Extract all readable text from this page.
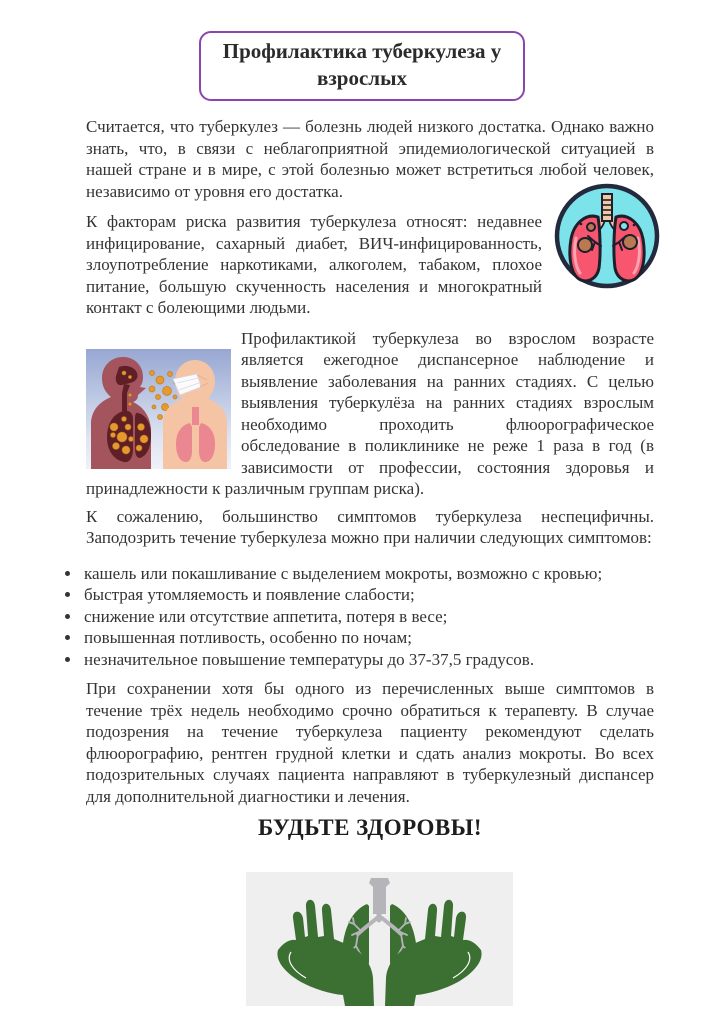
Профилактика туберкулеза у взрослых

Считается, что туберкулез — болезнь людей низкого достатка. Однако важно знать, что, в связи с неблагоприятной эпидемиологической ситуацией в нашей стране и в мире, с этой болезнью может встретиться любой человек, независимо от уровня его достатка.

К факторам риска развития туберкулеза относят: недавнее инфицирование, сахарный диабет, ВИЧ-инфицированность, злоупотребление наркотиками, алкоголем, табаком, плохое питание, большую скученность населения и многократный контакт с болеющими людьми.

Профилактикой туберкулеза во взрослом возрасте является ежегодное диспансерное наблюдение и выявление заболевания на ранних стадиях. С целью выявления туберкулёза на ранних стадиях взрослым необходимо проходить флюорографическое обследование в поликлинике не реже 1 раза в год (в зависимости от профессии, состояния здоровья и принадлежности к различным группам риска).

К сожалению, большинство симптомов туберкулеза неспецифичны. Заподозрить течение туберкулеза можно при наличии следующих симптомов:

• кашель или покашливание с выделением мокроты, возможно с кровью;
• быстрая утомляемость и появление слабости;
• снижение или отсутствие аппетита, потеря в весе;
• повышенная потливость, особенно по ночам;
• незначительное повышение температуры до 37-37,5 градусов.

При сохранении хотя бы одного из перечисленных выше симптомов в течение трёх недель необходимо срочно обратиться к терапевту. В случае подозрения на течение туберкулеза пациенту рекомендуют сделать флюорографию, рентген грудной клетки и сдать анализ мокроты. Во всех подозрительных случаях пациента направляют в туберкулезный диспансер для дополнительной диагностики и лечения.

БУДЬТЕ ЗДОРОВЫ!
